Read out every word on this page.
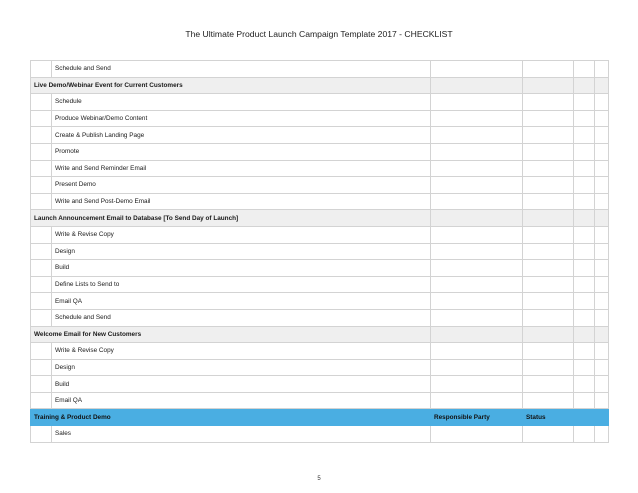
The Ultimate Product Launch Campaign Template 2017 - CHECKLIST
	Schedule and Send				
Live Demo/Webinar Event for Current Customers					
	Schedule				
	Produce Webinar/Demo Content				
	Create & Publish Landing Page				
	Promote				
	Write and Send Reminder Email				
	Present Demo				
	Write and Send Post-Demo Email				
Launch Announcement Email to Database [To Send Day of Launch]					
	Write & Revise Copy				
	Design				
	Build				
	Define Lists to Send to				
	Email QA				
	Schedule and Send				
Welcome Email for New Customers					
	Write & Revise Copy				
	Design				
	Build				
	Email QA				
Training & Product Demo		Responsible Party	Status		
	Sales				
5
